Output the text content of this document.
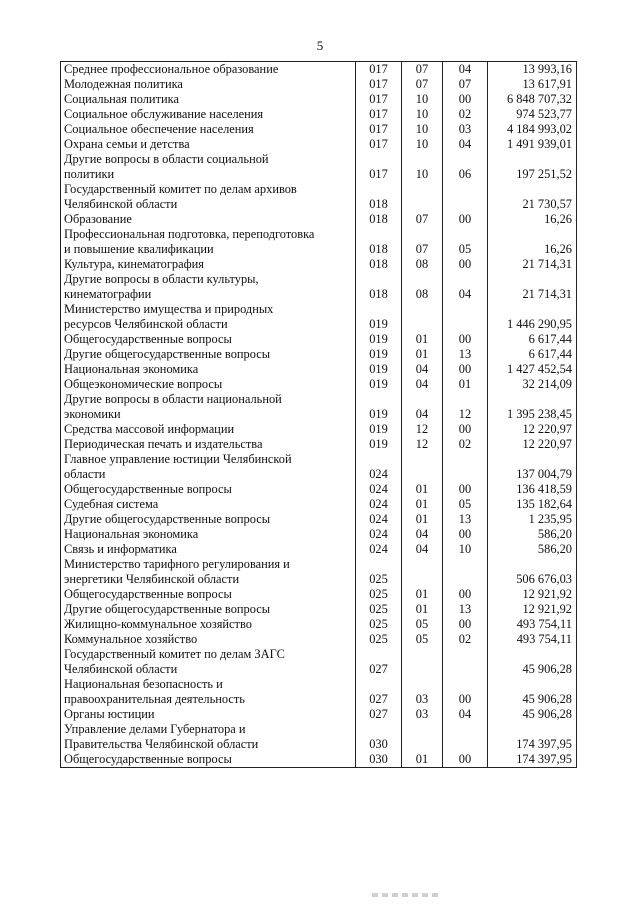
5
Среднее профессиональное образование	017	07	04	13 993,16

Молодежная политика	017	07	07	13 617,91

Социальная политика	017	10	00	6 848 707,32

Социальное обслуживание населения	017	10	02	974 523,77

Социальное обеспечение населения	017	10	03	4 184 993,02

Охрана семьи и детства	017	10	04	1 491 939,01

Другие вопросы в области социальной
политики	017	10	06	197 251,52

Государственный комитет по делам архивов
Челябинской области	018			21 730,57

Образование	018	07	00	16,26

Профессиональная подготовка, переподготовка
и повышение квалификации	018	07	05	16,26

Культура, кинематография	018	08	00	21 714,31

Другие вопросы в области культуры,
кинематографии	018	08	04	21 714,31

Министерство имущества и природных
ресурсов Челябинской области	019			1 446 290,95

Общегосударственные вопросы	019	01	00	6 617,44

Другие общегосударственные вопросы	019	01	13	6 617,44

Национальная экономика	019	04	00	1 427 452,54

Общеэкономические вопросы	019	04	01	32 214,09

Другие вопросы в области национальной
экономики	019	04	12	1 395 238,45

Средства массовой информации	019	12	00	12 220,97

Периодическая печать и издательства	019	12	02	12 220,97

Главное управление юстиции Челябинской
области	024			137 004,79

Общегосударственные вопросы	024	01	00	136 418,59

Судебная система	024	01	05	135 182,64

Другие общегосударственные вопросы	024	01	13	1 235,95

Национальная экономика	024	04	00	586,20

Связь и информатика	024	04	10	586,20

Министерство тарифного регулирования и
энергетики Челябинской области	025			506 676,03

Общегосударственные вопросы	025	01	00	12 921,92

Другие общегосударственные вопросы	025	01	13	12 921,92

Жилищно-коммунальное хозяйство	025	05	00	493 754,11

Коммунальное хозяйство	025	05	02	493 754,11

Государственный комитет по делам ЗАГС
Челябинской области	027			45 906,28

Национальная безопасность и
правоохранительная деятельность	027	03	00	45 906,28

Органы юстиции	027	03	04	45 906,28

Управление делами Губернатора и
Правительства Челябинской области	030			174 397,95

Общегосударственные вопросы	030	01	00	174 397,95
